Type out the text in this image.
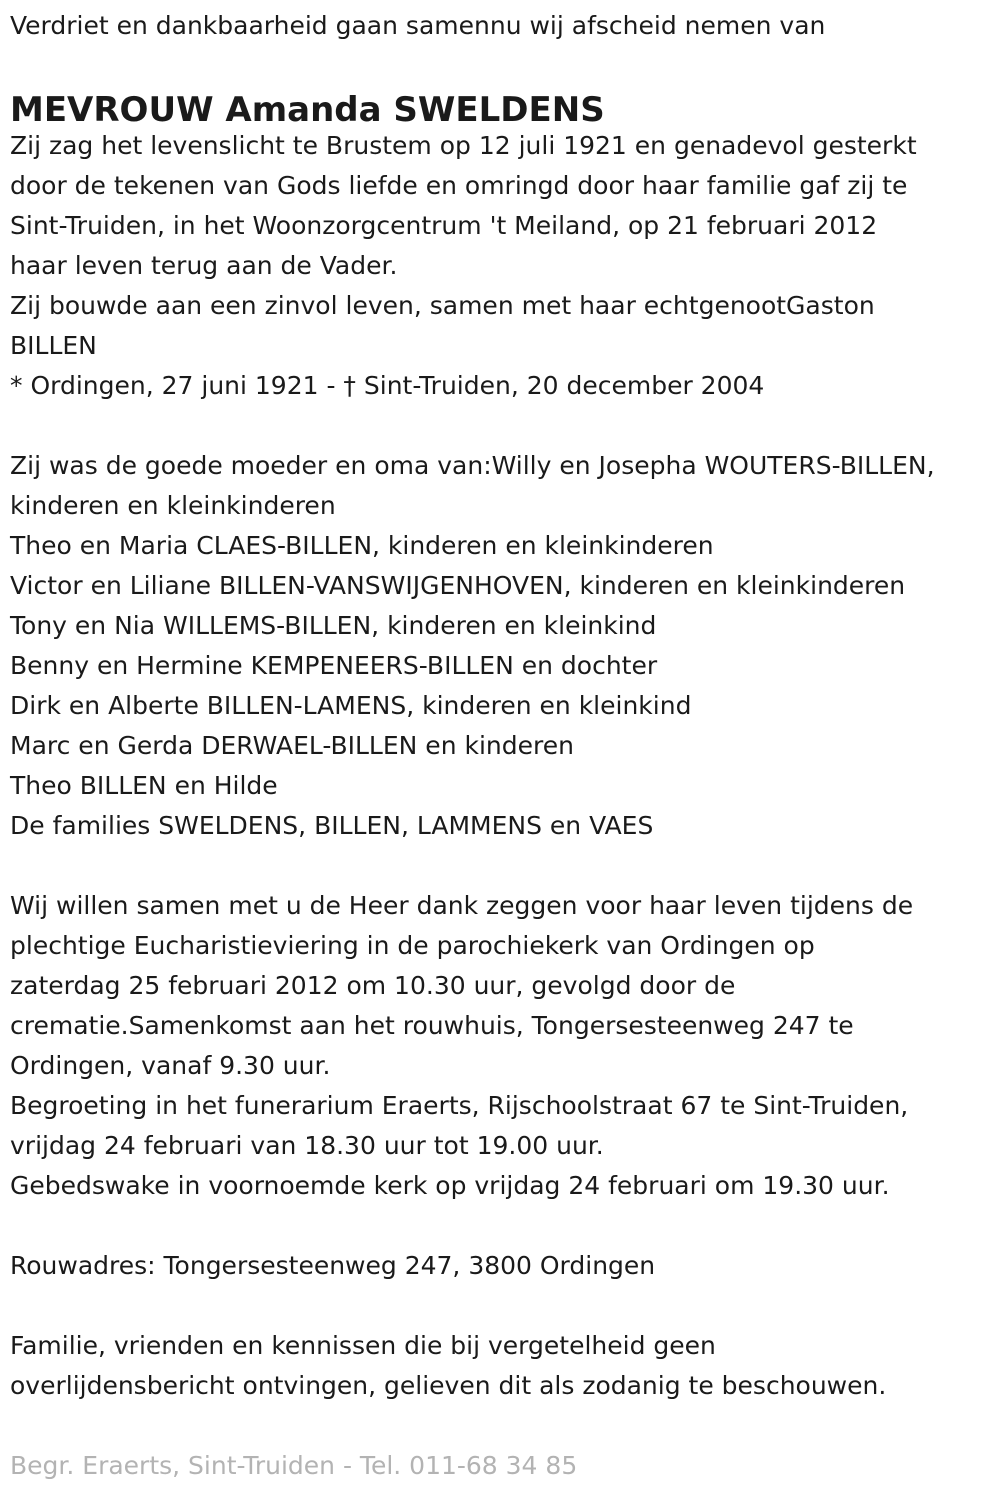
Verdriet en dankbaarheid gaan samennu wij afscheid nemen van
MEVROUW Amanda SWELDENS
Zij zag het levenslicht te Brustem op 12 juli 1921 en genadevol gesterkt
door de tekenen van Gods liefde en omringd door haar familie gaf zij te
Sint-Truiden, in het Woonzorgcentrum 't Meiland, op 21 februari 2012
haar leven terug aan de Vader.
Zij bouwde aan een zinvol leven, samen met haar echtgenootGaston
BILLEN
* Ordingen, 27 juni 1921 - † Sint-Truiden, 20 december 2004
Zij was de goede moeder en oma van:Willy en Josepha WOUTERS-BILLEN,
kinderen en kleinkinderen
Theo en Maria CLAES-BILLEN, kinderen en kleinkinderen
Victor en Liliane BILLEN-VANSWIJGENHOVEN, kinderen en kleinkinderen
Tony en Nia WILLEMS-BILLEN, kinderen en kleinkind
Benny en Hermine KEMPENEERS-BILLEN en dochter
Dirk en Alberte BILLEN-LAMENS, kinderen en kleinkind
Marc en Gerda DERWAEL-BILLEN en kinderen
Theo BILLEN en Hilde
De families SWELDENS, BILLEN, LAMMENS en VAES
Wij willen samen met u de Heer dank zeggen voor haar leven tijdens de
plechtige Eucharistieviering in de parochiekerk van Ordingen op
zaterdag 25 februari 2012 om 10.30 uur, gevolgd door de
crematie.Samenkomst aan het rouwhuis, Tongersesteenweg 247 te
Ordingen, vanaf 9.30 uur.
Begroeting in het funerarium Eraerts, Rijschoolstraat 67 te Sint-Truiden,
vrijdag 24 februari van 18.30 uur tot 19.00 uur.
Gebedswake in voornoemde kerk op vrijdag 24 februari om 19.30 uur.
Rouwadres: Tongersesteenweg 247, 3800 Ordingen
Familie, vrienden en kennissen die bij vergetelheid geen
overlijdensbericht ontvingen, gelieven dit als zodanig te beschouwen.
Begr. Eraerts, Sint-Truiden - Tel. 011-68 34 85
